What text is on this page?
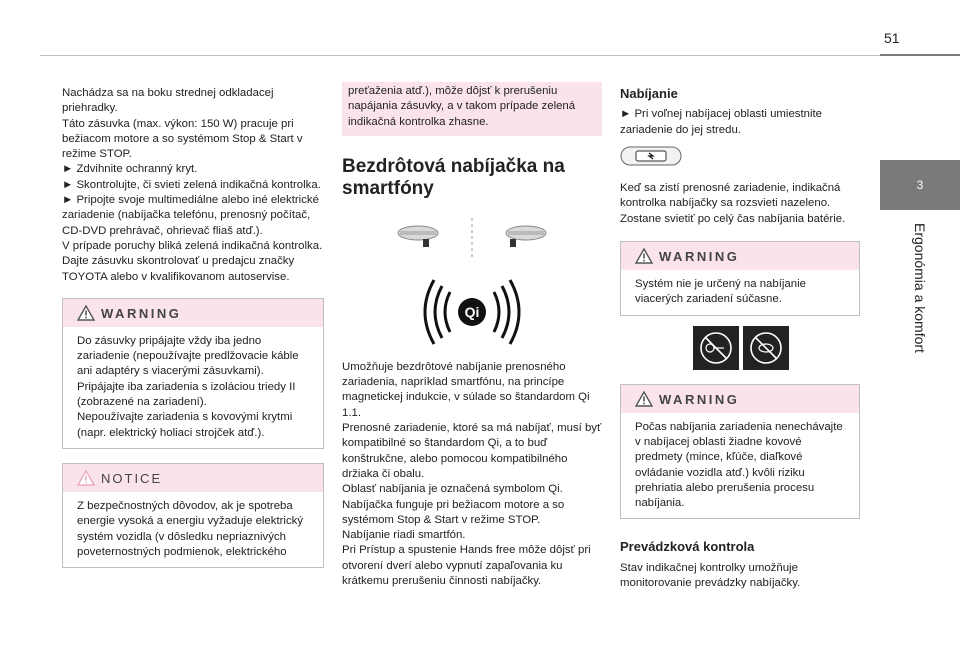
51
3
Ergonómia a komfort

Nachádza sa na boku strednej odkladacej priehradky.
Táto zásuvka (max. výkon: 150 W) pracuje pri bežiacom motore a so systémom Stop & Start v režime STOP.
► Zdvihnite ochranný kryt.
► Skontrolujte, či svieti zelená indikačná kontrolka.
► Pripojte svoje multimediálne alebo iné elektrické zariadenie (nabíjačka telefónu, prenosný počítač, CD-DVD prehrávač, ohrievač fliaš atď.).
V prípade poruchy bliká zelená indikačná kontrolka.
Dajte zásuvku skontrolovať u predajcu značky TOYOTA alebo v kvalifikovanom autoservise.

WARNING
Do zásuvky pripájajte vždy iba jedno zariadenie (nepoužívajte predlžovacie káble ani adaptéry s viacerými zásuvkami).
Pripájajte iba zariadenia s izoláciou triedy II (zobrazené na zariadení).
Nepoužívajte zariadenia s kovovými krytmi (napr. elektrický holiaci strojček atď.).
NOTICE
Z bezpečnostných dôvodov, ak je spotreba energie vysoká a energiu vyžaduje elektrický systém vozidla (v dôsledku nepriaznivých poveternostných podmienok, elektrického
preťaženia atď.), môže dôjsť k prerušeniu napájania zásuvky, a v takom prípade zelená indikačná kontrolka zhasne.
Bezdrôtová nabíjačka na smartfóny
Qi

Umožňuje bezdrôtové nabíjanie prenosného zariadenia, napríklad smartfónu, na princípe magnetickej indukcie, v súlade so štandardom Qi 1.1.
Prenosné zariadenie, ktoré sa má nabíjať, musí byť kompatibilné so štandardom Qi, a to buď konštrukčne, alebo pomocou kompatibilného držiaka či obalu.
Oblasť nabíjania je označená symbolom Qi.
Nabíjačka funguje pri bežiacom motore a so systémom Stop & Start v režime STOP.
Nabíjanie riadi smartfón.
Pri Prístup a spustenie Hands free môže dôjsť pri otvorení dverí alebo vypnutí zapaľovania ku krátkemu prerušeniu činnosti nabíjačky.

Nabíjanie

► Pri voľnej nabíjacej oblasti umiestnite zariadenie do jej stredu.

Keď sa zistí prenosné zariadenie, indikačná kontrolka nabíjačky sa rozsvieti nazeleno. Zostane svietiť po celý čas nabíjania batérie.

WARNING
Systém nie je určený na nabíjanie viacerých zariadení súčasne.
WARNING
Počas nabíjania zariadenia nenechávajte v nabíjacej oblasti žiadne kovové predmety (mince, kľúče, diaľkové ovládanie vozidla atď.) kvôli riziku prehriatia alebo prerušenia procesu nabíjania.
Prevádzková kontrola

Stav indikačnej kontrolky umožňuje monitorovanie prevádzky nabíjačky.
